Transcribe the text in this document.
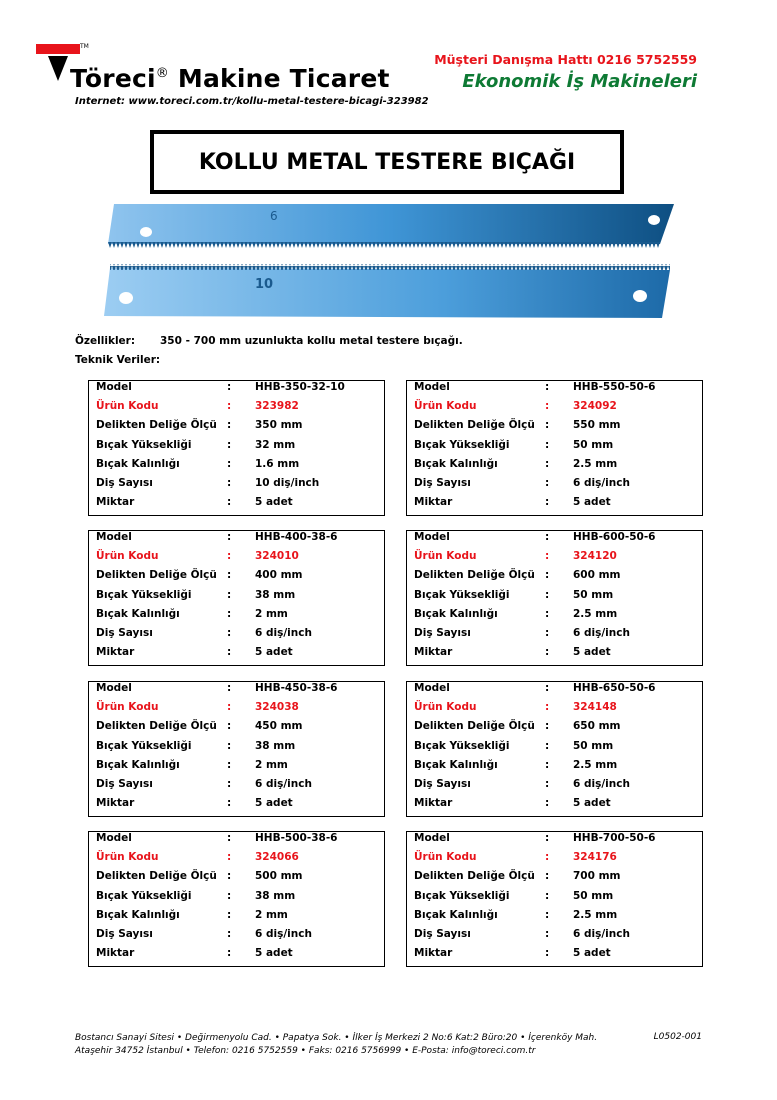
TM
Töreci® Makine Ticaret
Internet: www.toreci.com.tr/kollu-metal-testere-bicagi-323982
Müşteri Danışma Hattı 0216 5752559
Ekonomik İş Makineleri
KOLLU METAL TESTERE BIÇAĞI
6
10
Özellikler: 350 - 700 mm uzunlukta kollu metal testere bıçağı.
Teknik Veriler:
Model	: HHB-350-32-10
Ürün Kodu	: 323982
Delikten Deliğe Ölçü : 350 mm
Bıçak Yüksekliği	: 32 mm
Bıçak Kalınlığı	: 1.6 mm
Diş Sayısı	: 10 diş/inch
Miktar	: 5 adet
Model	: HHB-550-50-6
Ürün Kodu	: 324092
Delikten Deliğe Ölçü : 550 mm
Bıçak Yüksekliği	: 50 mm
Bıçak Kalınlığı	: 2.5 mm
Diş Sayısı	: 6 diş/inch
Miktar	: 5 adet
Model	: HHB-400-38-6
Ürün Kodu	: 324010
Delikten Deliğe Ölçü : 400 mm
Bıçak Yüksekliği	: 38 mm
Bıçak Kalınlığı	: 2 mm
Diş Sayısı	: 6 diş/inch
Miktar	: 5 adet
Model	: HHB-600-50-6
Ürün Kodu	: 324120
Delikten Deliğe Ölçü : 600 mm
Bıçak Yüksekliği	: 50 mm
Bıçak Kalınlığı	: 2.5 mm
Diş Sayısı	: 6 diş/inch
Miktar	: 5 adet
Model	: HHB-450-38-6
Ürün Kodu	: 324038
Delikten Deliğe Ölçü : 450 mm
Bıçak Yüksekliği	: 38 mm
Bıçak Kalınlığı	: 2 mm
Diş Sayısı	: 6 diş/inch
Miktar	: 5 adet
Model	: HHB-650-50-6
Ürün Kodu	: 324148
Delikten Deliğe Ölçü : 650 mm
Bıçak Yüksekliği	: 50 mm
Bıçak Kalınlığı	: 2.5 mm
Diş Sayısı	: 6 diş/inch
Miktar	: 5 adet
Model	: HHB-500-38-6
Ürün Kodu	: 324066
Delikten Deliğe Ölçü : 500 mm
Bıçak Yüksekliği	: 38 mm
Bıçak Kalınlığı	: 2 mm
Diş Sayısı	: 6 diş/inch
Miktar	: 5 adet
Model	: HHB-700-50-6
Ürün Kodu	: 324176
Delikten Deliğe Ölçü : 700 mm
Bıçak Yüksekliği	: 50 mm
Bıçak Kalınlığı	: 2.5 mm
Diş Sayısı	: 6 diş/inch
Miktar	: 5 adet
Bostancı Sanayi Sitesi • Değirmenyolu Cad. • Papatya Sok. • İlker İş Merkezi 2 No:6 Kat:2 Büro:20 • İçerenköy Mah.
Ataşehir 34752 İstanbul • Telefon: 0216 5752559 • Faks: 0216 5756999 • E-Posta: info@toreci.com.tr
L0502-001
